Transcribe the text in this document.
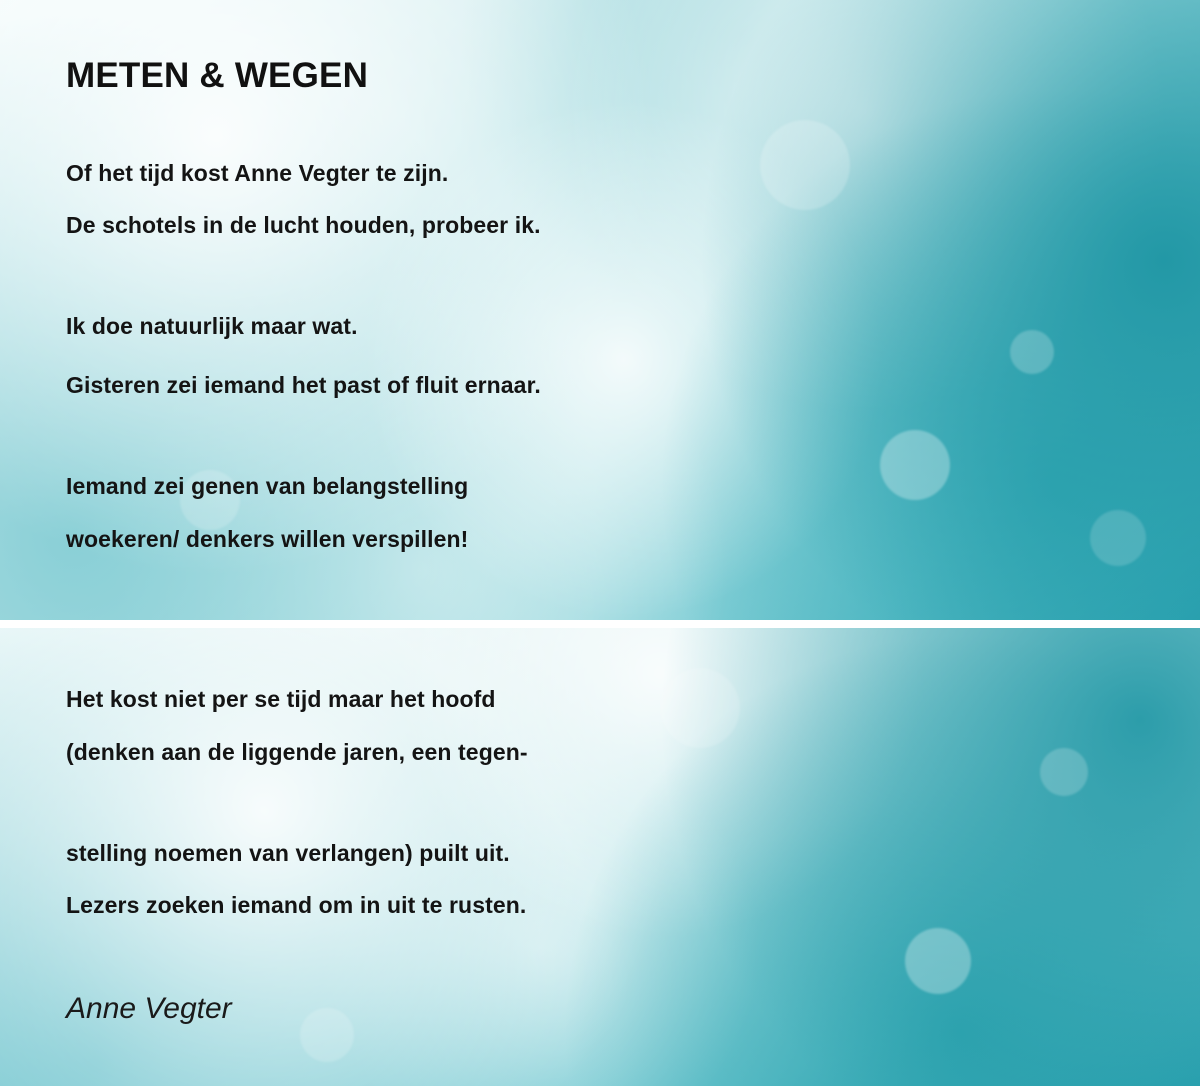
METEN & WEGEN
Of het tijd kost Anne Vegter te zijn.
De schotels in de lucht houden, probeer ik.
Ik doe natuurlijk maar wat.
Gisteren zei iemand het past of fluit ernaar.
Iemand zei genen van belangstelling
woekeren/ denkers willen verspillen!
Het kost niet per se tijd maar het hoofd
(denken aan de liggende jaren, een tegen-
stelling noemen van verlangen) puilt uit.
Lezers zoeken iemand om in uit te rusten.
Anne Vegter
